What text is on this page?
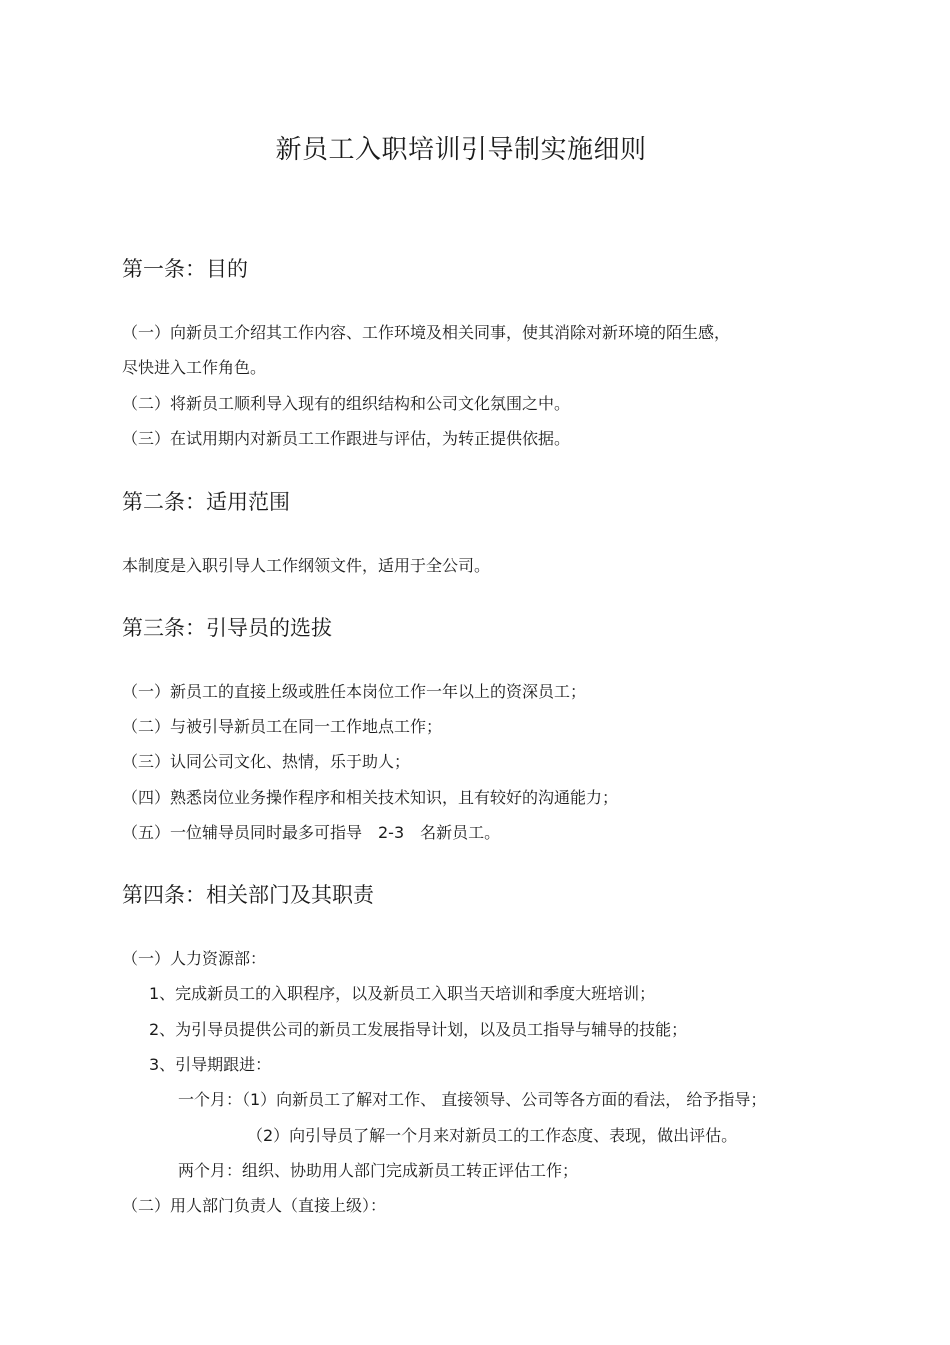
新员工入职培训引导制实施细则
第一条：目的
（一）向新员工介绍其工作内容、工作环境及相关同事，使其消除对新环境的陌生感，
尽快进入工作角色。
（二）将新员工顺利导入现有的组织结构和公司文化氛围之中。
（三）在试用期内对新员工工作跟进与评估，为转正提供依据。
第二条：适用范围
本制度是入职引导人工作纲领文件，适用于全公司。
第三条：引导员的选拔
（一）新员工的直接上级或胜任本岗位工作一年以上的资深员工；
（二）与被引导新员工在同一工作地点工作；
（三）认同公司文化、热情，乐于助人；
（四）熟悉岗位业务操作程序和相关技术知识，且有较好的沟通能力；
（五）一位辅导员同时最多可指导　2-3　名新员工。
第四条：相关部门及其职责
（一）人力资源部：
1、完成新员工的入职程序，以及新员工入职当天培训和季度大班培训；
2、为引导员提供公司的新员工发展指导计划，以及员工指导与辅导的技能；
3、引导期跟进：
一个月：（1）向新员工了解对工作、 直接领导、公司等各方面的看法， 给予指导；
（2）向引导员了解一个月来对新员工的工作态度、表现，做出评估。
两个月：组织、协助用人部门完成新员工转正评估工作；
（二）用人部门负责人（直接上级）：
